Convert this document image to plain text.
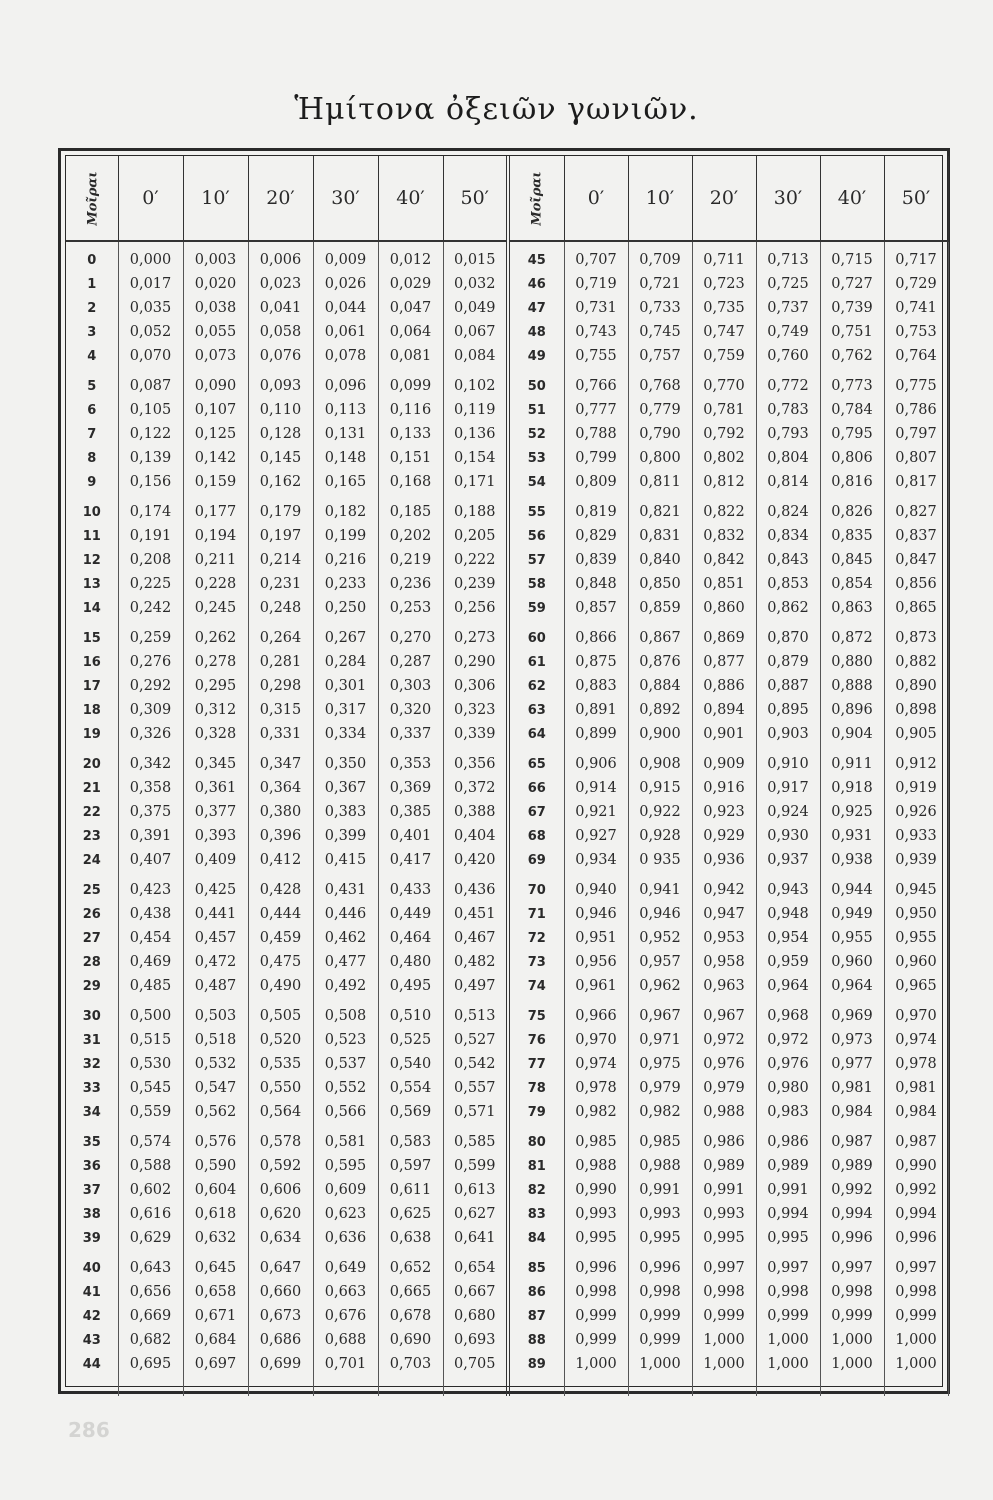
Ἡμίτονα ὀξειῶν γωνιῶν.
Μοῖραι	0′	10′	20′	30′	40′	50′	Μοῖραι	0′	10′	20′	30′	40′	50′

0	0,000	0,003	0,006	0,009	0,012	0,015	45	0,707	0,709	0,711	0,713	0,715	0,717
1	0,017	0,020	0,023	0,026	0,029	0,032	46	0,719	0,721	0,723	0,725	0,727	0,729
2	0,035	0,038	0,041	0,044	0,047	0,049	47	0,731	0,733	0,735	0,737	0,739	0,741
3	0,052	0,055	0,058	0,061	0,064	0,067	48	0,743	0,745	0,747	0,749	0,751	0,753
4	0,070	0,073	0,076	0,078	0,081	0,084	49	0,755	0,757	0,759	0,760	0,762	0,764

5	0,087	0,090	0,093	0,096	0,099	0,102	50	0,766	0,768	0,770	0,772	0,773	0,775
6	0,105	0,107	0,110	0,113	0,116	0,119	51	0,777	0,779	0,781	0,783	0,784	0,786
7	0,122	0,125	0,128	0,131	0,133	0,136	52	0,788	0,790	0,792	0,793	0,795	0,797
8	0,139	0,142	0,145	0,148	0,151	0,154	53	0,799	0,800	0,802	0,804	0,806	0,807
9	0,156	0,159	0,162	0,165	0,168	0,171	54	0,809	0,811	0,812	0,814	0,816	0,817

10	0,174	0,177	0,179	0,182	0,185	0,188	55	0,819	0,821	0,822	0,824	0,826	0,827
11	0,191	0,194	0,197	0,199	0,202	0,205	56	0,829	0,831	0,832	0,834	0,835	0,837
12	0,208	0,211	0,214	0,216	0,219	0,222	57	0,839	0,840	0,842	0,843	0,845	0,847
13	0,225	0,228	0,231	0,233	0,236	0,239	58	0,848	0,850	0,851	0,853	0,854	0,856
14	0,242	0,245	0,248	0,250	0,253	0,256	59	0,857	0,859	0,860	0,862	0,863	0,865

15	0,259	0,262	0,264	0,267	0,270	0,273	60	0,866	0,867	0,869	0,870	0,872	0,873
16	0,276	0,278	0,281	0,284	0,287	0,290	61	0,875	0,876	0,877	0,879	0,880	0,882
17	0,292	0,295	0,298	0,301	0,303	0,306	62	0,883	0,884	0,886	0,887	0,888	0,890
18	0,309	0,312	0,315	0,317	0,320	0,323	63	0,891	0,892	0,894	0,895	0,896	0,898
19	0,326	0,328	0,331	0,334	0,337	0,339	64	0,899	0,900	0,901	0,903	0,904	0,905

20	0,342	0,345	0,347	0,350	0,353	0,356	65	0,906	0,908	0,909	0,910	0,911	0,912
21	0,358	0,361	0,364	0,367	0,369	0,372	66	0,914	0,915	0,916	0,917	0,918	0,919
22	0,375	0,377	0,380	0,383	0,385	0,388	67	0,921	0,922	0,923	0,924	0,925	0,926
23	0,391	0,393	0,396	0,399	0,401	0,404	68	0,927	0,928	0,929	0,930	0,931	0,933
24	0,407	0,409	0,412	0,415	0,417	0,420	69	0,934	0 935	0,936	0,937	0,938	0,939

25	0,423	0,425	0,428	0,431	0,433	0,436	70	0,940	0,941	0,942	0,943	0,944	0,945
26	0,438	0,441	0,444	0,446	0,449	0,451	71	0,946	0,946	0,947	0,948	0,949	0,950
27	0,454	0,457	0,459	0,462	0,464	0,467	72	0,951	0,952	0,953	0,954	0,955	0,955
28	0,469	0,472	0,475	0,477	0,480	0,482	73	0,956	0,957	0,958	0,959	0,960	0,960
29	0,485	0,487	0,490	0,492	0,495	0,497	74	0,961	0,962	0,963	0,964	0,964	0,965

30	0,500	0,503	0,505	0,508	0,510	0,513	75	0,966	0,967	0,967	0,968	0,969	0,970
31	0,515	0,518	0,520	0,523	0,525	0,527	76	0,970	0,971	0,972	0,972	0,973	0,974
32	0,530	0,532	0,535	0,537	0,540	0,542	77	0,974	0,975	0,976	0,976	0,977	0,978
33	0,545	0,547	0,550	0,552	0,554	0,557	78	0,978	0,979	0,979	0,980	0,981	0,981
34	0,559	0,562	0,564	0,566	0,569	0,571	79	0,982	0,982	0,988	0,983	0,984	0,984

35	0,574	0,576	0,578	0,581	0,583	0,585	80	0,985	0,985	0,986	0,986	0,987	0,987
36	0,588	0,590	0,592	0,595	0,597	0,599	81	0,988	0,988	0,989	0,989	0,989	0,990
37	0,602	0,604	0,606	0,609	0,611	0,613	82	0,990	0,991	0,991	0,991	0,992	0,992
38	0,616	0,618	0,620	0,623	0,625	0,627	83	0,993	0,993	0,993	0,994	0,994	0,994
39	0,629	0,632	0,634	0,636	0,638	0,641	84	0,995	0,995	0,995	0,995	0,996	0,996

40	0,643	0,645	0,647	0,649	0,652	0,654	85	0,996	0,996	0,997	0,997	0,997	0,997
41	0,656	0,658	0,660	0,663	0,665	0,667	86	0,998	0,998	0,998	0,998	0,998	0,998
42	0,669	0,671	0,673	0,676	0,678	0,680	87	0,999	0,999	0,999	0,999	0,999	0,999
43	0,682	0,684	0,686	0,688	0,690	0,693	88	0,999	0,999	1,000	1,000	1,000	1,000
44	0,695	0,697	0,699	0,701	0,703	0,705	89	1,000	1,000	1,000	1,000	1,000	1,000

286
